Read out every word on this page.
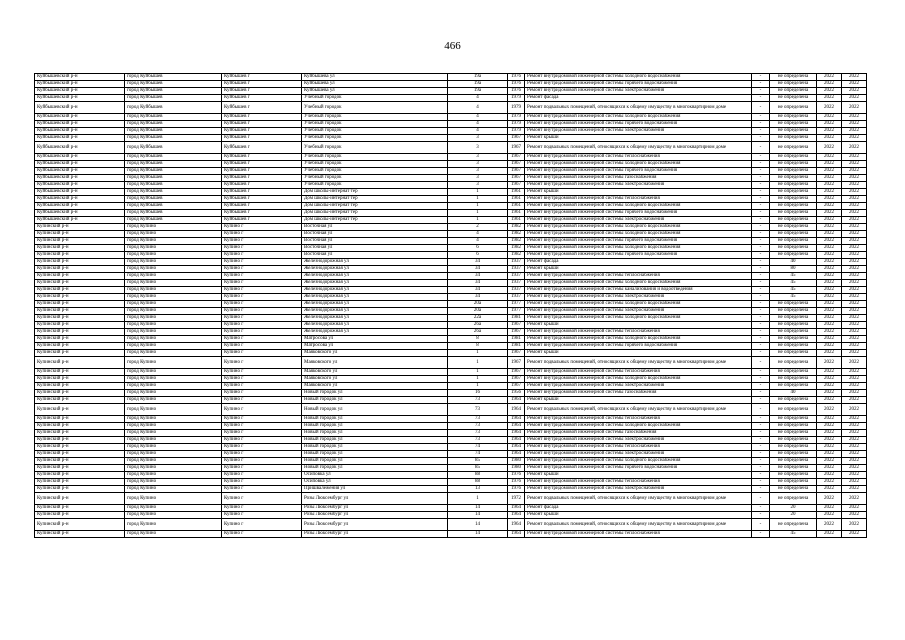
466
Куйбышевский р-н	город Куйбышев	Куйбышев г	Куйбышева ул	19а	1976	Ремонт внутридомовой инженерной системы холодного водоснабжения	-	не определена	2022	2022
Куйбышевский р-н	город Куйбышев	Куйбышев г	Куйбышева ул	19а	1976	Ремонт внутридомовой инженерной системы горячего водоснабжения	-	не определена	2022	2022
Куйбышевский р-н	город Куйбышев	Куйбышев г	Куйбышева ул	19а	1976	Ремонт внутридомовой инженерной системы электроснабжения	-	не определена	2022	2022
Куйбышевский р-н	город Куйбышев	Куйбышев г	Учебный городок	4	1979	Ремонт фасада	-	не определена	2022	2022
Куйбышевский р-н	город Куйбышев	Куйбышев г	Учебный городок	4	1979	Ремонт подвальных помещений, относящихся к общему имуществу в многоквартирном доме	-	не определена	2022	2022
Куйбышевский р-н	город Куйбышев	Куйбышев г	Учебный городок	4	1979	Ремонт внутридомовой инженерной системы холодного водоснабжения	-	не определена	2022	2022
Куйбышевский р-н	город Куйбышев	Куйбышев г	Учебный городок	4	1979	Ремонт внутридомовой инженерной системы горячего водоснабжения	-	не определена	2022	2022
Куйбышевский р-н	город Куйбышев	Куйбышев г	Учебный городок	4	1979	Ремонт внутридомовой инженерной системы электроснабжения	-	не определена	2022	2022
Куйбышевский р-н	город Куйбышев	Куйбышев г	Учебный городок	3	1967	Ремонт крыши	-	не определена	2022	2022
Куйбышевский р-н	город Куйбышев	Куйбышев г	Учебный городок	3	1967	Ремонт подвальных помещений, относящихся к общему имуществу в многоквартирном доме	-	не определена	2022	2022
Куйбышевский р-н	город Куйбышев	Куйбышев г	Учебный городок	3	1967	Ремонт внутридомовой инженерной системы теплоснабжения	-	не определена	2022	2022
Куйбышевский р-н	город Куйбышев	Куйбышев г	Учебный городок	3	1967	Ремонт внутридомовой инженерной системы холодного водоснабжения	-	не определена	2022	2022
Куйбышевский р-н	город Куйбышев	Куйбышев г	Учебный городок	3	1967	Ремонт внутридомовой инженерной системы горячего водоснабжения	-	не определена	2022	2022
Куйбышевский р-н	город Куйбышев	Куйбышев г	Учебный городок	3	1967	Ремонт внутридомовой инженерной системы газоснабжения	-	не определена	2022	2022
Куйбышевский р-н	город Куйбышев	Куйбышев г	Учебный городок	3	1967	Ремонт внутридомовой инженерной системы электроснабжения	-	не определена	2022	2022
Куйбышевский р-н	город Куйбышев	Куйбышев г	Дом школы-интернат тер	1	1961	Ремонт крыши	-	не определена	2022	2022
Куйбышевский р-н	город Куйбышев	Куйбышев г	Дом школы-интернат тер	1	1961	Ремонт внутридомовой инженерной системы теплоснабжения	-	не определена	2022	2022
Куйбышевский р-н	город Куйбышев	Куйбышев г	Дом школы-интернат тер	1	1961	Ремонт внутридомовой инженерной системы холодного водоснабжения	-	не определена	2022	2022
Куйбышевский р-н	город Куйбышев	Куйбышев г	Дом школы-интернат тер	1	1961	Ремонт внутридомовой инженерной системы горячего водоснабжения	-	не определена	2022	2022
Куйбышевский р-н	город Куйбышев	Куйбышев г	Дом школы-интернат тер	1	1961	Ремонт внутридомовой инженерной системы электроснабжения	-	не определена	2022	2022
Купинский р-н	город Купино	Купино г	Восточная ул	2	1982	Ремонт внутридомовой инженерной системы холодного водоснабжения	-	не определена	2022	2022
Купинский р-н	город Купино	Купино г	Восточная ул	4	1982	Ремонт внутридомовой инженерной системы холодного водоснабжения	-	не определена	2022	2022
Купинский р-н	город Купино	Купино г	Восточная ул	4	1982	Ремонт внутридомовой инженерной системы горячего водоснабжения	-	не определена	2022	2022
Купинский р-н	город Купино	Купино г	Восточная ул	6	1982	Ремонт внутридомовой инженерной системы холодного водоснабжения	-	не определена	2022	2022
Купинский р-н	город Купино	Купино г	Восточная ул	6	1982	Ремонт внутридомовой инженерной системы горячего водоснабжения	-	не определена	2022	2022
Купинский р-н	город Купино	Купино г	Железнодорожная ул	34	1937	Ремонт фасада	-	40	2022	2022
Купинский р-н	город Купино	Купино г	Железнодорожная ул	34	1937	Ремонт крыши	-	80	2022	2022
Купинский р-н	город Купино	Купино г	Железнодорожная ул	34	1937	Ремонт внутридомовой инженерной системы теплоснабжения	-	45	2022	2022
Купинский р-н	город Купино	Купино г	Железнодорожная ул	34	1937	Ремонт внутридомовой инженерной системы холодного водоснабжения	-	45	2022	2022
Купинский р-н	город Купино	Купино г	Железнодорожная ул	34	1937	Ремонт внутридомовой инженерной системы канализования и водоотведения	-	45	2022	2022
Купинский р-н	город Купино	Купино г	Железнодорожная ул	34	1937	Ремонт внутридомовой инженерной системы электроснабжения	-	45	2022	2022
Купинский р-н	город Купино	Купино г	Железнодорожная ул	20а	1977	Ремонт внутридомовой инженерной системы холодного водоснабжения	-	не определена	2022	2022
Купинский р-н	город Купино	Купино г	Железнодорожная ул	20а	1977	Ремонт внутридомовой инженерной системы электроснабжения	-	не определена	2022	2022
Купинский р-н	город Купино	Купино г	Железнодорожная ул	22а	1981	Ремонт внутридомовой инженерной системы холодного водоснабжения	-	не определена	2022	2022
Купинский р-н	город Купино	Купино г	Железнодорожная ул	26а	1967	Ремонт крыши	-	не определена	2022	2022
Купинский р-н	город Купино	Купино г	Железнодорожная ул	26а	1967	Ремонт внутридомовой инженерной системы теплоснабжения	-	не определена	2022	2022
Купинский р-н	город Купино	Купино г	Матросова ул	8	1981	Ремонт внутридомовой инженерной системы холодного водоснабжения	-	не определена	2022	2022
Купинский р-н	город Купино	Купино г	Матросова ул	8	1981	Ремонт внутридомовой инженерной системы горячего водоснабжения	-	не определена	2022	2022
Купинский р-н	город Купино	Купино г	Маяковского ул	1	1967	Ремонт крыши	-	не определена	2022	2022
Купинский р-н	город Купино	Купино г	Маяковского ул	1	1967	Ремонт подвальных помещений, относящихся к общему имуществу в многоквартирном доме	-	не определена	2022	2022
Купинский р-н	город Купино	Купино г	Маяковского ул	1	1967	Ремонт внутридомовой инженерной системы теплоснабжения	-	не определена	2022	2022
Купинский р-н	город Купино	Купино г	Маяковского ул	1	1967	Ремонт внутридомовой инженерной системы холодного водоснабжения	-	не определена	2022	2022
Купинский р-н	город Купино	Купино г	Маяковского ул	1	1967	Ремонт внутридомовой инженерной системы электроснабжения	-	не определена	2022	2022
Купинский р-н	город Купино	Купино г	Новый городок ул	16	1956	Ремонт внутридомовой инженерной системы газоснабжения	-	40	2022	2022
Купинский р-н	город Купино	Купино г	Новый городок ул	73	1964	Ремонт крыши	-	не определена	2022	2022
Купинский р-н	город Купино	Купино г	Новый городок ул	73	1964	Ремонт подвальных помещений, относящихся к общему имуществу в многоквартирном доме	-	не определена	2022	2022
Купинский р-н	город Купино	Купино г	Новый городок ул	73	1964	Ремонт внутридомовой инженерной системы теплоснабжения	-	не определена	2022	2022
Купинский р-н	город Купино	Купино г	Новый городок ул	73	1964	Ремонт внутридомовой инженерной системы холодного водоснабжения	-	не определена	2022	2022
Купинский р-н	город Купино	Купино г	Новый городок ул	73	1964	Ремонт внутридомовой инженерной системы газоснабжения	-	не определена	2022	2022
Купинский р-н	город Купино	Купино г	Новый городок ул	73	1964	Ремонт внутридомовой инженерной системы электроснабжения	-	не определена	2022	2022
Купинский р-н	город Купино	Купино г	Новый городок ул	74	1964	Ремонт внутридомовой инженерной системы теплоснабжения	-	не определена	2022	2022
Купинский р-н	город Купино	Купино г	Новый городок ул	74	1964	Ремонт внутридомовой инженерной системы электроснабжения	-	не определена	2022	2022
Купинский р-н	город Купино	Купино г	Новый городок ул	85	1980	Ремонт внутридомовой инженерной системы холодного водоснабжения	-	не определена	2022	2022
Купинский р-н	город Купино	Купино г	Новый городок ул	85	1980	Ремонт внутридомовой инженерной системы горячего водоснабжения	-	не определена	2022	2022
Купинский р-н	город Купино	Купино г	Осиповка ул	88	1976	Ремонт крыши	-	не определена	2022	2022
Купинский р-н	город Купино	Купино г	Осиповка ул	88	1976	Ремонт внутридомовой инженерной системы теплоснабжения	-	не определена	2022	2022
Купинский р-н	город Купино	Купино г	Пришвалежения ул	13	1976	Ремонт внутридомовой инженерной системы электроснабжения	-	не определена	2022	2022
Купинский р-н	город Купино	Купино г	Розы Люксембург ул	1	1972	Ремонт подвальных помещений, относящихся к общему имуществу в многоквартирном доме	-	не определена	2022	2022
Купинский р-н	город Купино	Купино г	Розы Люксембург ул	14	1964	Ремонт фасада	-	20	2022	2022
Купинский р-н	город Купино	Купино г	Розы Люксембург ул	14	1964	Ремонт крыши	-	20	2022	2022
Купинский р-н	город Купино	Купино г	Розы Люксембург ул	14	1964	Ремонт подвальных помещений, относящихся к общему имуществу в многоквартирном доме	-	не определена	2022	2022
Купинский р-н	город Купино	Купино г	Розы Люксембург ул	14	1964	Ремонт внутридомовой инженерной системы теплоснабжения	-	45	2022	2022
